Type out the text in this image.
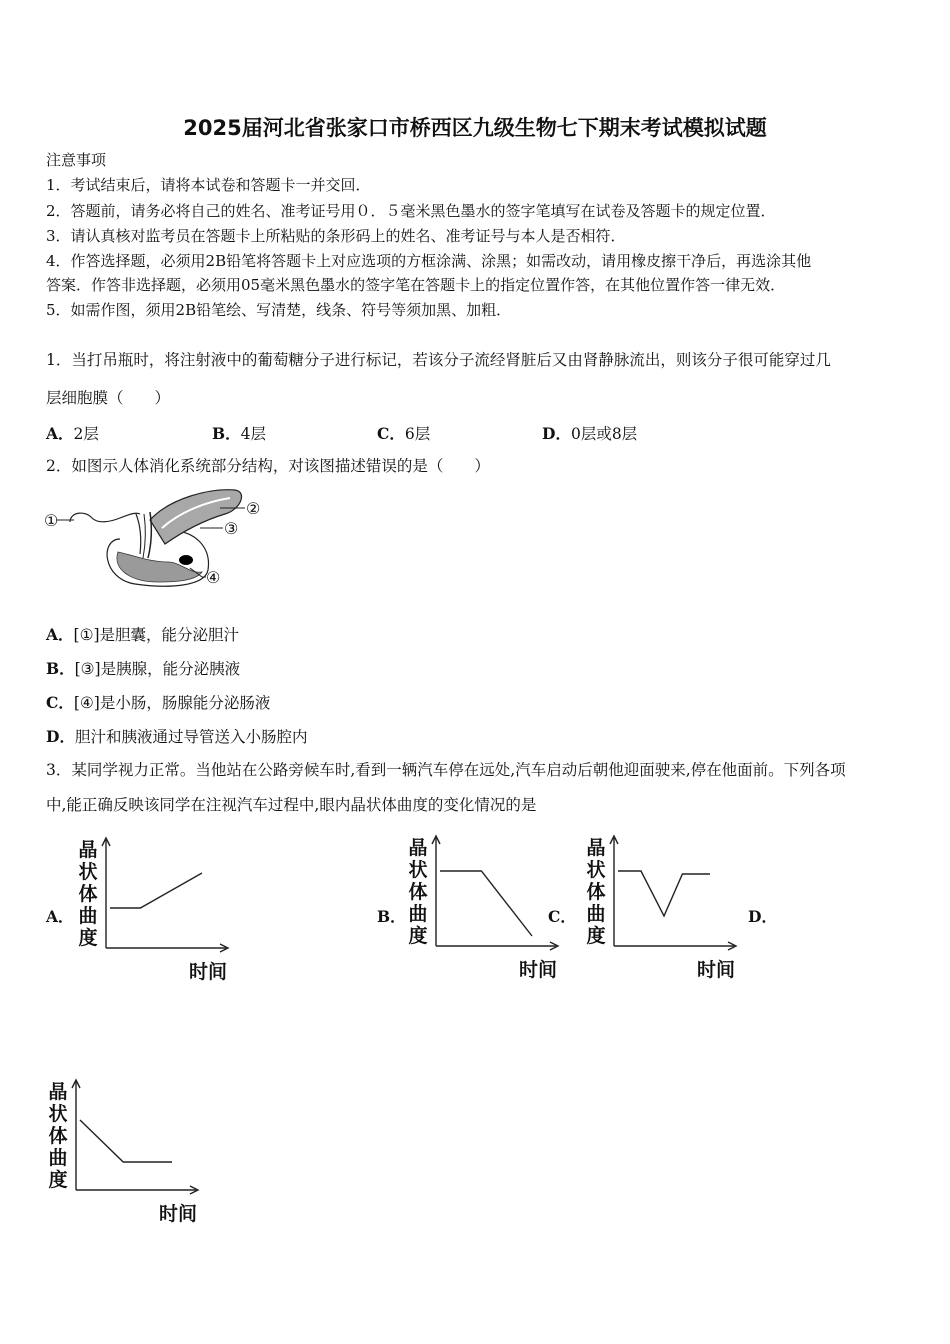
2025届河北省张家口市桥西区九级生物七下期末考试模拟试题
注意事项
1．考试结束后，请将本试卷和答题卡一并交回．
2．答题前，请务必将自己的姓名、准考证号用０．５毫米黑色墨水的签字笔填写在试卷及答题卡的规定位置．
3．请认真核对监考员在答题卡上所粘贴的条形码上的姓名、准考证号与本人是否相符．
4．作答选择题，必须用2B铅笔将答题卡上对应选项的方框涂满、涂黑；如需改动，请用橡皮擦干净后，再选涂其他
答案．作答非选择题，必须用05毫米黑色墨水的签字笔在答题卡上的指定位置作答，在其他位置作答一律无效．
5．如需作图，须用2B铅笔绘、写清楚，线条、符号等须加黑、加粗．
1．当打吊瓶时，将注射液中的葡萄糖分子进行标记，若该分子流经肾脏后又由肾静脉流出，则该分子很可能穿过几
层细胞膜（　　）
A．2层	B．4层	C．6层	D．0层或8层
2．如图示人体消化系统部分结构，对该图描述错误的是（　　）
①
②
③
④
A．[①]是胆囊，能分泌胆汁
B．[③]是胰腺，能分泌胰液
C．[④]是小肠，肠腺能分泌肠液
D．胆汁和胰液通过导管送入小肠腔内
3．某同学视力正常。当他站在公路旁候车时,看到一辆汽车停在远处,汽车启动后朝他迎面驶来,停在他面前。下列各项
中,能正确反映该同学在注视汽车过程中,眼内晶状体曲度的变化情况的是
A．	B．	C．	D．
晶状体曲度
时间
晶状体曲度
时间
晶状体曲度
时间
晶状体曲度
时间
